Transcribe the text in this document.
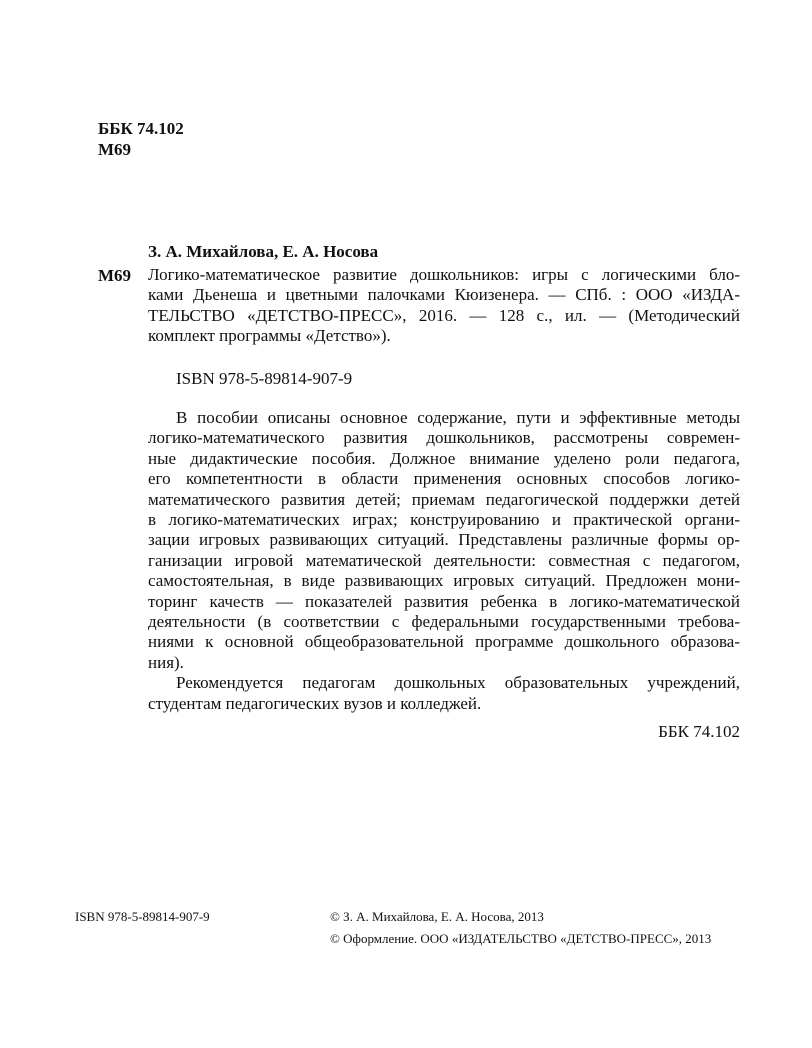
ББК 74.102
М69
З. А. Михайлова, Е. А. Носова
М69 Логико-математическое развитие дошкольников: игры с логическими бло-
ками Дьенеша и цветными палочками Кюизенера. — СПб. : ООО «ИЗДА-
ТЕЛЬСТВО «ДЕТСТВО-ПРЕСС», 2016. — 128 с., ил. — (Методический
комплект программы «Детство»).
ISBN 978-5-89814-907-9
В пособии описаны основное содержание, пути и эффективные методы
логико-математического развития дошкольников, рассмотрены современ-
ные дидактические пособия. Должное внимание уделено роли педагога,
его компетентности в области применения основных способов логико-
математического развития детей; приемам педагогической поддержки детей
в логико-математических играх; конструированию и практической органи-
зации игровых развивающих ситуаций. Представлены различные формы ор-
ганизации игровой математической деятельности: совместная с педагогом,
самостоятельная, в виде развивающих игровых ситуаций. Предложен мони-
торинг качеств — показателей развития ребенка в логико-математической
деятельности (в соответствии с федеральными государственными требова-
ниями к основной общеобразовательной программе дошкольного образова-
ния).
Рекомендуется педагогам дошкольных образовательных учреждений,
студентам педагогических вузов и колледжей.
ББК 74.102
ISBN 978-5-89814-907-9	© З. А. Михайлова, Е. А. Носова, 2013
© Оформление. ООО «ИЗДАТЕЛЬСТВО «ДЕТСТВО-ПРЕСС», 2013
